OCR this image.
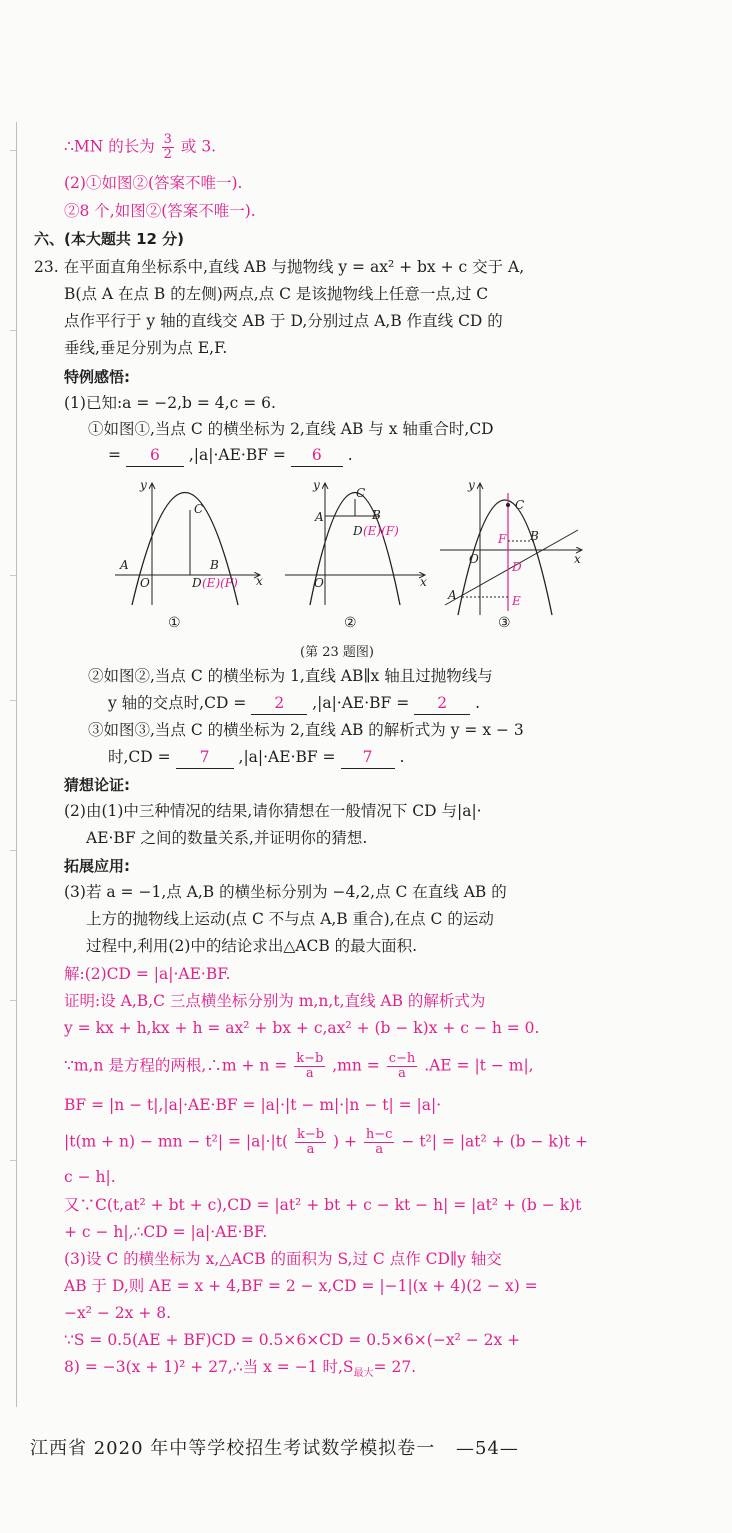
∴MN 的长为 $\frac{3}{2}$ 或 3.
(2)①如图②(答案不唯一).
②8 个,如图②(答案不唯一).
六、(本大题共 12 分)
23. 在平面直角坐标系中,直线 AB 与抛物线 y = ax² + bx + c 交于 A,
B(点 A 在点 B 的左侧)两点,点 C 是该抛物线上任意一点,过 C
点作平行于 y 轴的直线交 AB 于 D,分别过点 A,B 作直线 CD 的
垂线,垂足分别为点 E,F.
特例感悟:
(1)已知:a = −2,b = 4,c = 6.
①如图①,当点 C 的横坐标为 2,直线 AB 与 x 轴重合时,CD
= 6 ,|a|·AE·BF = 6 .
y
x
C
A
O
B
D (E)(F)
①
y
x
C
A	B
O
D (E)(F)
②
y
x
C
B
F
D
O
A	E
③
(第 23 题图)
②如图②,当点 C 的横坐标为 1,直线 AB∥x 轴且过抛物线与
y 轴的交点时,CD = 2 ,|a|·AE·BF = 2 .
③如图③,当点 C 的横坐标为 2,直线 AB 的解析式为 y = x − 3
时,CD = 7 ,|a|·AE·BF = 7 .
猜想论证:
(2)由(1)中三种情况的结果,请你猜想在一般情况下 CD 与|a|·
AE·BF 之间的数量关系,并证明你的猜想.
拓展应用:
(3)若 a = −1,点 A,B 的横坐标分别为 −4,2,点 C 在直线 AB 的
上方的抛物线上运动(点 C 不与点 A,B 重合),在点 C 的运动
过程中,利用(2)中的结论求出△ACB 的最大面积.
解:(2)CD = |a|·AE·BF.
证明:设 A,B,C 三点横坐标分别为 m,n,t,直线 AB 的解析式为
y = kx + h,kx + h = ax² + bx + c,ax² + (b − k)x + c − h = 0.
∵m,n 是方程的两根,∴m + $n = \frac{k-b}{a} ,mn = \frac{c-h}{a} .AE = |t - m|$,
BF = |n − t|,|a|·AE·BF = |a|·|t − m|·|n − t| = |a|·
|t(m + n) − mn − $t^2| = |a|\cdot|t( \frac{k-b}{a}$ ) + $\frac{h-c}{a} - t^2| = |at^2 + (b - k)t$ +
c − h|.
又∵C(t,at² + bt + c),CD = |at² + bt + c − kt − h| = |at² + (b − k)t
+ c − h|,∴CD = |a|·AE·BF.
(3)设 C 的横坐标为 x,△ACB 的面积为 S,过 C 点作 CD∥y 轴交
AB 于 D,则 AE = x + 4,BF = 2 − x,CD = |−1|(x + 4)(2 − x) =
−x² − 2x + 8.
∵S = 0.5(AE + BF)CD = 0.5×6×CD = 0.5×6×(−x² − 2x +
8) = −3(x + 1)² + 27,∴当 x = −1 时$,S_{最大}= 27$.
江西省 2020 年中等学校招生考试数学模拟卷一 —54—
